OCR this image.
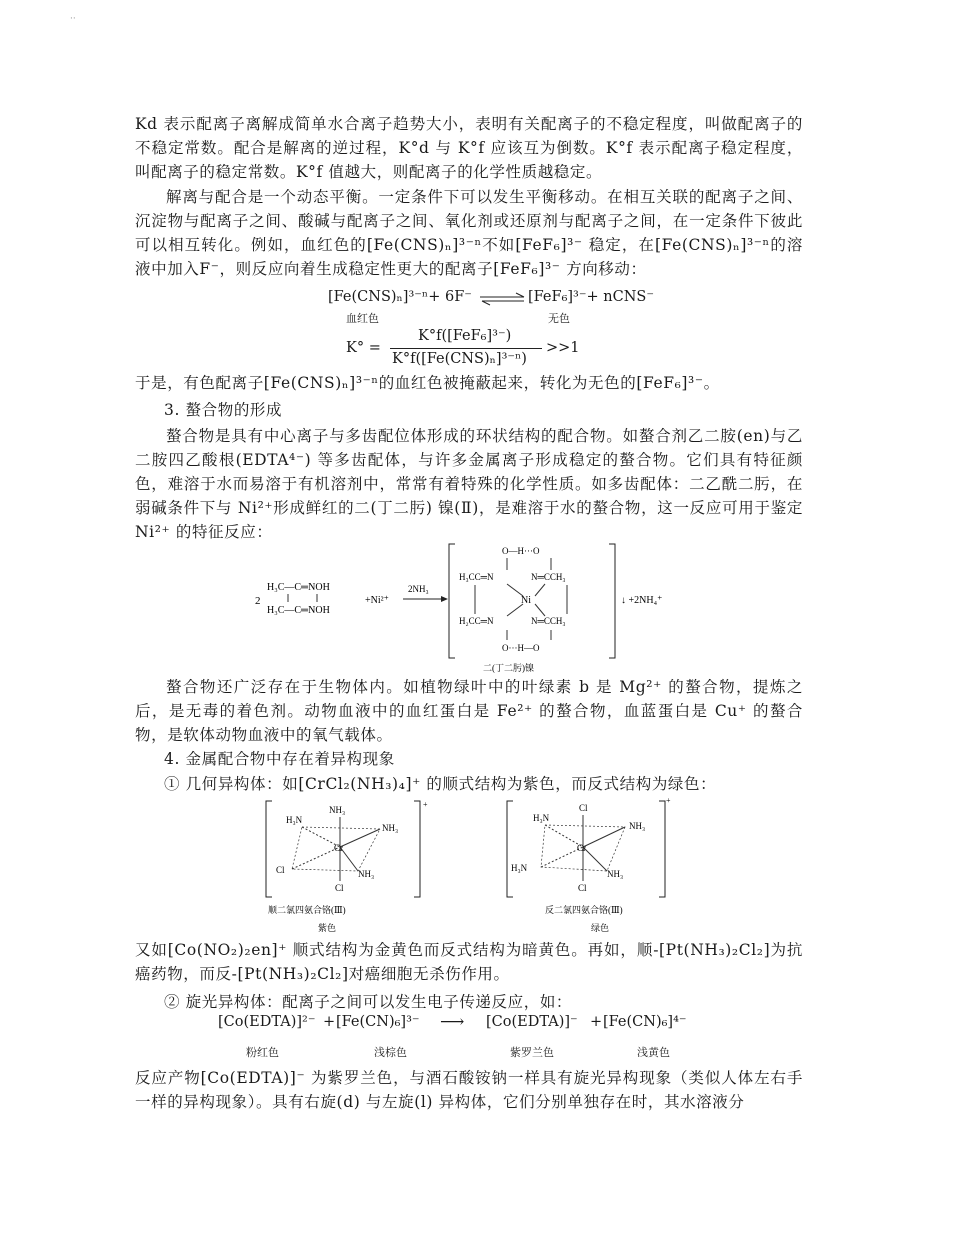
··
K͏d 表示配离子离解成简单水合离子趋势大小，表明有关配离子的不稳定程度，叫做配离子的不稳定常数。配合是解离的逆过程，K°d 与 K°f 应该互为倒数。K°f 表示配离子稳定程度，叫配离子的稳定常数。K°f 值越大，则配离子的化学性质越稳定。
解离与配合是一个动态平衡。一定条件下可以发生平衡移动。在相互关联的配离子之间、沉淀物与配离子之间、酸碱与配离子之间、氧化剂或还原剂与配离子之间，在一定条件下彼此可以相互转化。例如，血红色的[Fe(CNS)ₙ]³⁻ⁿ不如[FeF₆]³⁻ 稳定，在[Fe(CNS)ₙ]³⁻ⁿ的溶液中加入F⁻，则反应向着生成稳定性更大的配离子[FeF₆]³⁻ 方向移动：
[Fe(CNS)ₙ]³⁻ⁿ+ 6F⁻ ⇌ [FeF₆]³⁻+ nCNS⁻
血红色	无色
K° =
K°f([FeF₆]³⁻)
K°f([Fe(CNS)ₙ]³⁻ⁿ)
>>1
于是，有色配离子[Fe(CNS)ₙ]³⁻ⁿ的血红色被掩蔽起来，转化为无色的[FeF₆]³⁻。
3. 螯合物的形成
螯合物是具有中心离子与多齿配位体形成的环状结构的配合物。如螯合剂乙二胺(en)与乙二胺四乙酸根(EDTA⁴⁻) 等多齿配体，与许多金属离子形成稳定的螯合物。它们具有特征颜色，难溶于水而易溶于有机溶剂中，常常有着特殊的化学性质。如多齿配体：二乙酰二肟，在弱碱条件下与 Ni²⁺形成鲜红的二(丁二肟) 镍(Ⅱ)，是难溶于水的螯合物，这一反应可用于鉴定 Ni²⁺ 的特征反应：
2
H₃C—C═NOH
H₃C—C═NOH
+Ni²⁺
2NH₃
O—H···O
H₃CC═N	N═CCH₃
Ni
H₂CC═N	N═CCH₃
O···H—O
↓ +2NH₄⁺
二(丁二肟)镍
螯合物还广泛存在于生物体内。如植物绿叶中的叶绿素 b 是 Mg²⁺ 的螯合物，提炼之后，是无毒的着色剂。动物血液中的血红蛋白是 Fe²⁺ 的螯合物，血蓝蛋白是 Cu⁺ 的螯合物，是软体动物血液中的氧气载体。
4. 金属配合物中存在着异构现象
① 几何异构体：如[CrCl₂(NH₃)₄]⁺ 的顺式结构为紫色，而反式结构为绿色：
+
NH₃
H₃N
NH₃
Cr
Cl	NH₃
Cl
顺二氯四氨合铬(Ⅲ)
紫色
+
Cl
H₃N
NH₃
Cr
H₃N
NH₃
Cl
反二氯四氨合铬(Ⅲ)
绿色
又如[Co(NO₂)₂en]⁺ 顺式结构为金黄色而反式结构为暗黄色。再如，顺-[Pt(NH₃)₂Cl₂]为抗癌药物，而反-[Pt(NH₃)₂Cl₂]对癌细胞无杀伤作用。
② 旋光异构体：配离子之间可以发生电子传递反应，如：
[Co(EDTA)]²⁻ + [Fe(CN)₆]³⁻ ⟶ [Co(EDTA)]⁻ + [Fe(CN)₆]⁴⁻
粉红色	浅棕色	紫罗兰色	浅黄色
反应产物[Co(EDTA)]⁻ 为紫罗兰色，与酒石酸铵钠一样具有旋光异构现象（类似人体左右手一样的异构现象）。具有右旋(d) 与左旋(l) 异构体，它们分别单独存在时，其水溶液分
